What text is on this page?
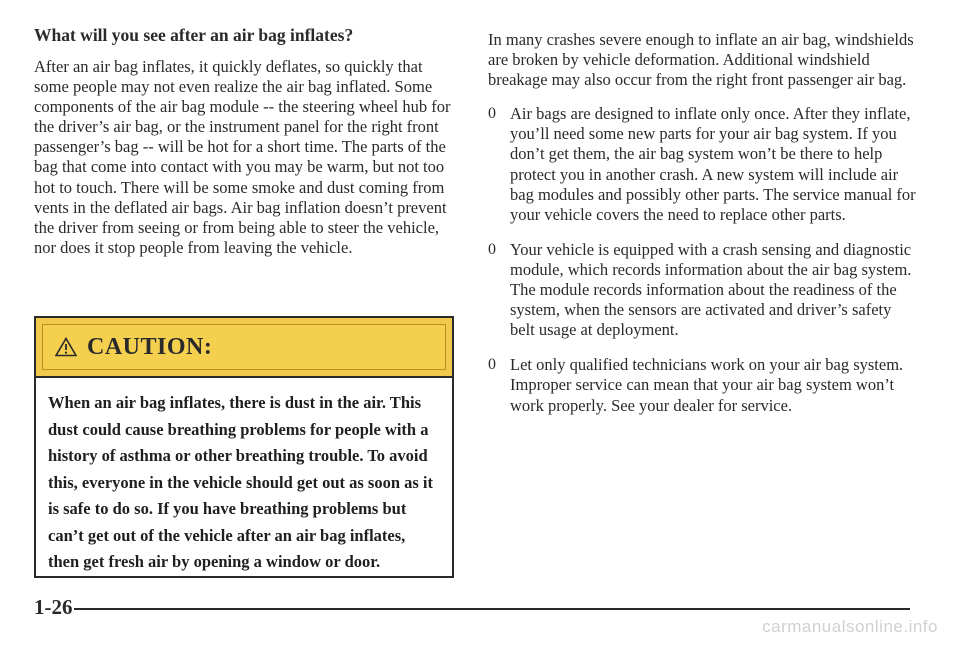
What will you see after an air bag inflates?

After an air bag inflates, it quickly deflates, so quickly that some people may not even realize the air bag inflated. Some components of the air bag module -- the steering wheel hub for the driver’s air bag, or the instrument panel for the right front passenger’s bag -- will be hot for a short time. The parts of the bag that come into contact with you may be warm, but not too hot to touch. There will be some smoke and dust coming from vents in the deflated air bags. Air bag inflation doesn’t prevent the driver from seeing or from being able to steer the vehicle, nor does it stop people from leaving the vehicle.

CAUTION:
When an air bag inflates, there is dust in the air. This dust could cause breathing problems for people with a history of asthma or other breathing trouble. To avoid this, everyone in the vehicle should get out as soon as it is safe to do so. If you have breathing problems but can’t get out of the vehicle after an air bag inflates, then get fresh air by opening a window or door.

In many crashes severe enough to inflate an air bag, windshields are broken by vehicle deformation. Additional windshield breakage may also occur from the right front passenger air bag.

0 Air bags are designed to inflate only once. After they inflate, you’ll need some new parts for your air bag system. If you don’t get them, the air bag system won’t be there to help protect you in another crash. A new system will include air bag modules and possibly other parts. The service manual for your vehicle covers the need to replace other parts.
0 Your vehicle is equipped with a crash sensing and diagnostic module, which records information about the air bag system. The module records information about the readiness of the system, when the sensors are activated and driver’s safety belt usage at deployment.
0 Let only qualified technicians work on your air bag system. Improper service can mean that your air bag system won’t work properly. See your dealer for service.
1-26
carmanualsonline.info
